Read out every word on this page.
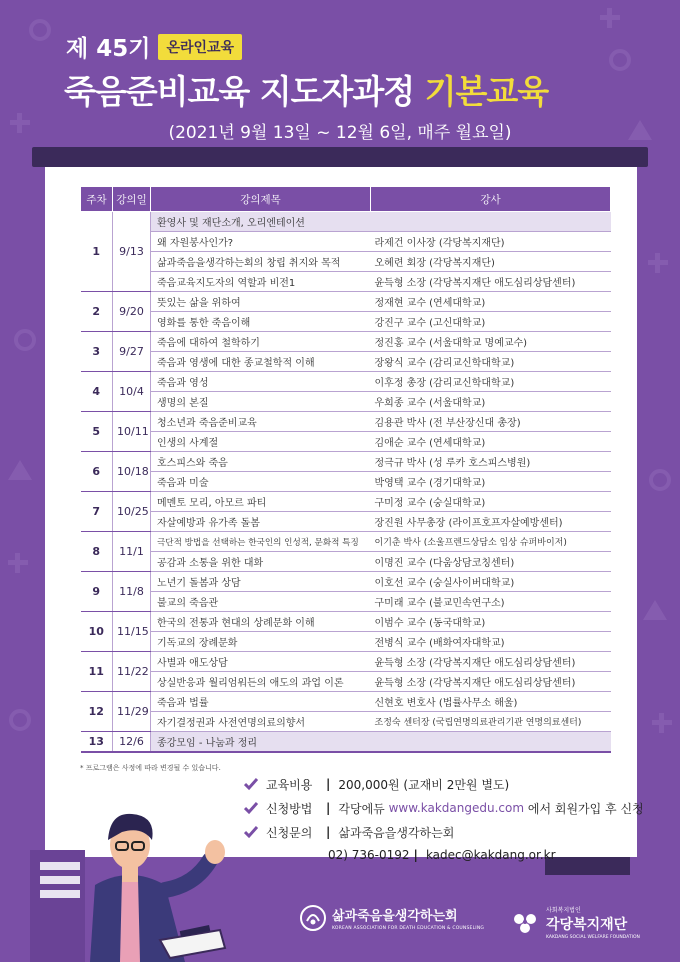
제 45기	온라인교육
죽음준비교육 지도자과정 기본교육
(2021년 9월 13일 ~ 12월 6일, 매주 월요일)
주차	강의일	강의제목	강사
1	9/13	환영사 및 재단소개, 오리엔테이션	
		왜 자원봉사인가?	라제건 이사장 (각당복지재단)
		삶과죽음을생각하는회의 창립 취지와 목적	오혜련 회장 (각당복지재단)
		죽음교육지도자의 역할과 비전1	윤득형 소장 (각당복지재단 애도심리상담센터)
2	9/20	뜻있는 삶을 위하여	정재현 교수 (연세대학교)
		영화를 통한 죽음이해	강진구 교수 (고신대학교)
3	9/27	죽음에 대하여 철학하기	정진홍 교수 (서울대학교 명예교수)
		죽음과 영생에 대한 종교철학적 이해	장왕식 교수 (감리교신학대학교)
4	10/4	죽음과 영성	이후정 총장 (감리교신학대학교)
		생명의 본질	우희종 교수 (서울대학교)
5	10/11	청소년과 죽음준비교육	김용관 박사 (전 부산장신대 총장)
		인생의 사계절	김애순 교수 (연세대학교)
6	10/18	호스피스와 죽음	정극규 박사 (성 루카 호스피스병원)
		죽음과 미술	박영택 교수 (경기대학교)
7	10/25	메멘토 모리, 아모르 파티	구미정 교수 (숭실대학교)
		자살예방과 유가족 돌봄	장진원 사무총장 (라이프호프자살예방센터)
8	11/1	극단적 방법을 선택하는 한국인의 인성적, 문화적 특징	이기춘 박사 (소울프렌드상담소 임상 슈퍼바이저)
		공감과 소통을 위한 대화	이명진 교수 (다움상담코칭센터)
9	11/8	노년기 돌봄과 상담	이호선 교수 (숭실사이버대학교)
		불교의 죽음관	구미래 교수 (불교민속연구소)
10	11/15	한국의 전통과 현대의 상례문화 이해	이범수 교수 (동국대학교)
		기독교의 장례문화	전병식 교수 (배화여자대학교)
11	11/22	사별과 애도상담	윤득형 소장 (각당복지재단 애도심리상담센터)
		상실반응과 월리엄워든의 애도의 과업 이론	윤득형 소장 (각당복지재단 애도심리상담센터)
12	11/29	죽음과 법률	신현호 변호사 (법률사무소 해울)
		자기결정권과 사전연명의료의향서	조정숙 센터장 (국립연명의료관리기관 연명의료센터)
13	12/6	종강모임 - 나눔과 정리	
* 프로그램은 사정에 따라 변경될 수 있습니다.
교육비용	| 200,000원 (교재비 2만원 별도)
신청방법	| 각당에듀
www.kakdangedu.com
에서 회원가입 후 신청
신청문의	| 삶과죽음을생각하는회
02) 736-0192 | kadec@kakdang.or.kr
삶과죽음을생각하는회
KOREAN ASSOCIATION FOR DEATH EDUCATION & COUNSELING
사회복지법인
각당복지재단
KAKDANG SOCIAL WELFARE FOUNDATION
